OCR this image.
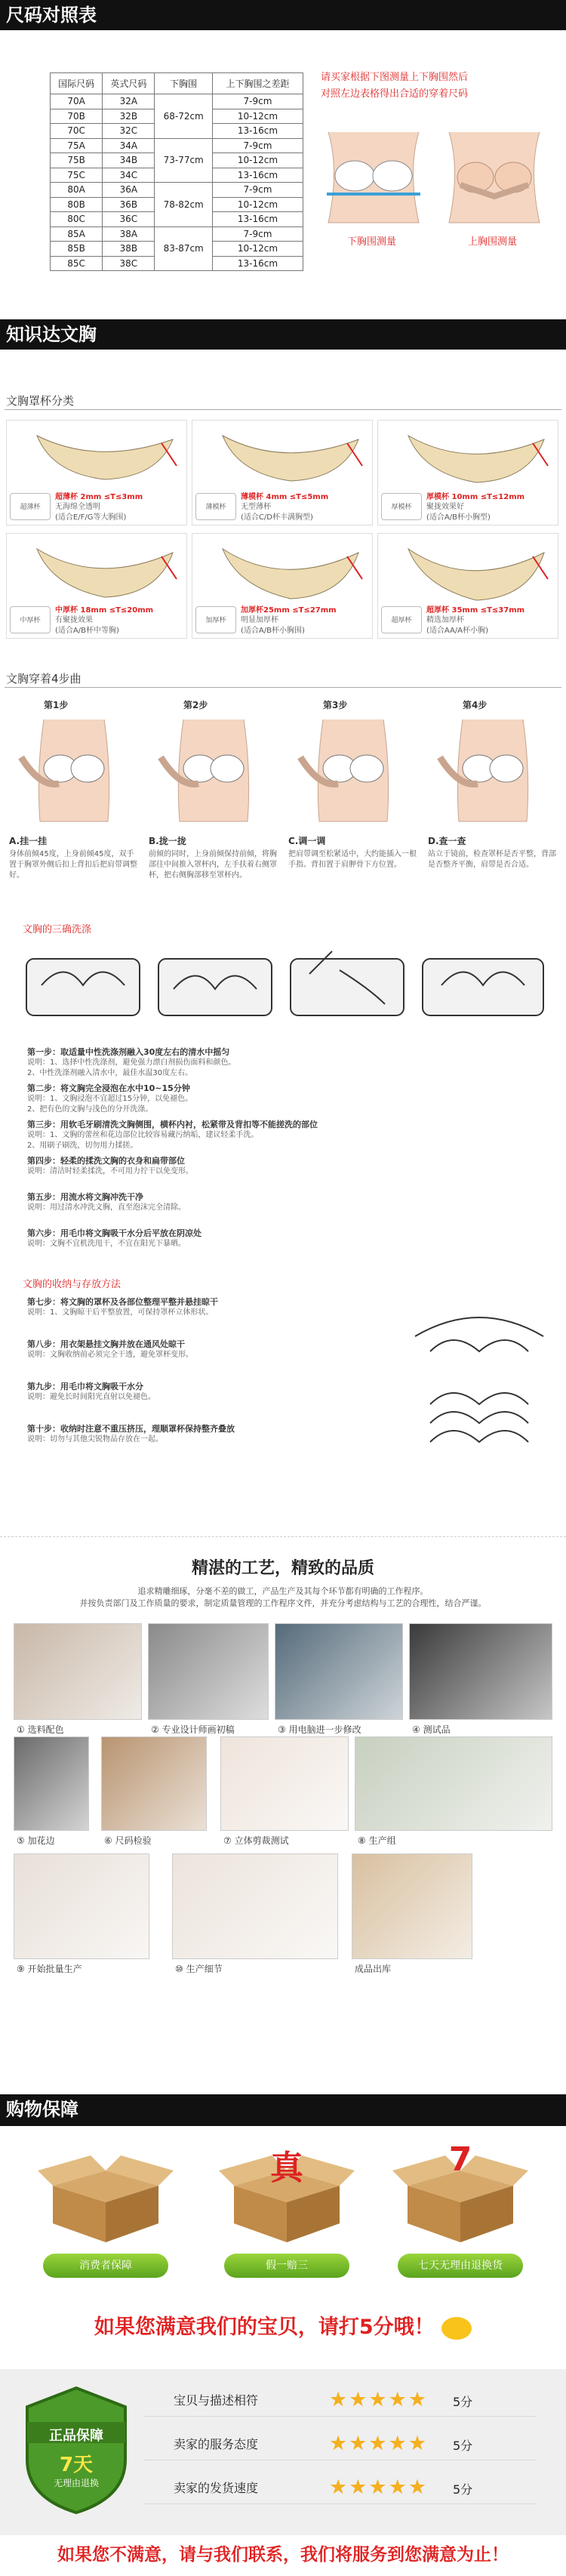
尺码对照表
国际尺码	英式尺码	下胸围	上下胸围之差距
70A	32A	68-72cm	7-9cm
70B	32B		10-12cm
70C	32C		13-16cm
75A	34A	73-77cm	7-9cm
75B	34B		10-12cm
75C	34C		13-16cm
80A	36A	78-82cm	7-9cm
80B	36B		10-12cm
80C	36C		13-16cm
85A	38A	83-87cm	7-9cm
85B	38B		10-12cm
85C	38C		13-16cm
请买家根据下图测量上下胸围然后
对照左边表格得出合适的穿着尺码
下胸围测量	上胸围测量
知识达文胸
文胸罩杯分类
超薄杯
超薄杯 2mm ≤T≤3mm
无海绵全透明
(适合E/F/G等大胸围)
薄模杯
薄模杯 4mm ≤T≤5mm
无型薄杯
(适合C/D杯丰满胸型)
厚模杯
厚模杯 10mm ≤T≤12mm
聚拢效果好
(适合A/B杯小胸型)
中厚杯
中厚杯 18mm ≤T≤20mm
有聚拢效果
(适合A/B杯中等胸)
加厚杯
加厚杯25mm ≤T≤27mm
明显加厚杯
(适合A/B杯小胸围)
超厚杯
超厚杯 35mm ≤T≤37mm
精选加厚杯
(适合AA/A杯小胸)
文胸穿着4步曲
第1步
A.挂一挂
身体前倾45度，上身前倾45度，双手置于胸罩外侧后扣上背扣后把肩带调整好。
第2步
B.拢一拢
前倾的同时，上身前倾保持前倾，将胸部往中间推入罩杯内，左手扶着右侧罩杯，把右侧胸部移至罩杯内。
第3步
C.调一调
把肩带调至松紧适中，大约能插入一根手指。背扣置于肩胛骨下方位置。
第4步
D.查一查
站立于镜前，检查罩杯是否平整，背部是否整齐平衡，肩带是否合适。
文胸的三确洗涤
第一步：取适量中性洗涤剂融入30度左右的清水中摇匀
说明：1、选择中性洗涤剂，避免强力漂白剂损伤面料和颜色。
2、中性洗涤剂融入清水中，最佳水温30度左右。
第二步：将文胸完全浸泡在水中10~15分钟
说明：1、文胸浸泡不宜超过15分钟，以免褪色。
2、把有色的文胸与浅色的分开洗涤。
第三步：用软毛牙刷清洗文胸侧围，横杯内衬，松紧带及背扣等不能搓洗的部位
说明：1、文胸的蕾丝和花边部位比较容易藏污纳垢，建议轻柔手洗。
2、用刷子刷洗，切勿用力揉搓。
第四步：轻柔的揉洗文胸的衣身和扁带部位
说明：清洁时轻柔揉洗，不可用力拧干以免变形。
第五步：用流水将文胸冲洗干净
说明：用过清水冲洗文胸，直至泡沫完全清除。
第六步：用毛巾将文胸吸干水分后平放在阴凉处
说明：文胸不宜机洗甩干，不宜在阳光下暴晒。
文胸的收纳与存放方法
第七步：将文胸的罩杯及各部位整理平整并悬挂晾干
说明：1、文胸晾干后平整放置，可保持罩杯立体形状。
第八步：用衣架悬挂文胸并放在通风处晾干
说明：文胸收纳前必须完全干透，避免罩杯变形。
第九步：用毛巾将文胸吸干水分
说明：避免长时间阳光直射以免褪色。
第十步：收纳时注意不重压挤压，理顺罩杯保持整齐叠放
说明：切勿与其他尖锐物品存放在一起。
精湛的工艺，精致的品质
追求精雕细琢，分毫不差的做工，产品生产及其每个环节都有明确的工作程序。
并按负责部门及工作质量的要求，制定质量管理的工作程序文件，并充分考虑结构与工艺的合理性，结合严谨。
① 选料配色	② 专业设计师画初稿	③ 用电脑进一步修改	④ 测试品
⑤ 加花边	⑥ 尺码检验	⑦ 立体剪裁测试	⑧ 生产组
⑨ 开始批量生产	⑩ 生产细节	成品出库
购物保障
消费者保障
真
假一赔三
7
七天无理由退换货
如果您满意我们的宝贝，请打5分哦！
正品保障
7天
无理由退换
宝贝与描述相符	★★★★★ 5分
卖家的服务态度	★★★★★ 5分
卖家的发货速度	★★★★★ 5分
如果您不满意，请与我们联系，我们将服务到您满意为止！
